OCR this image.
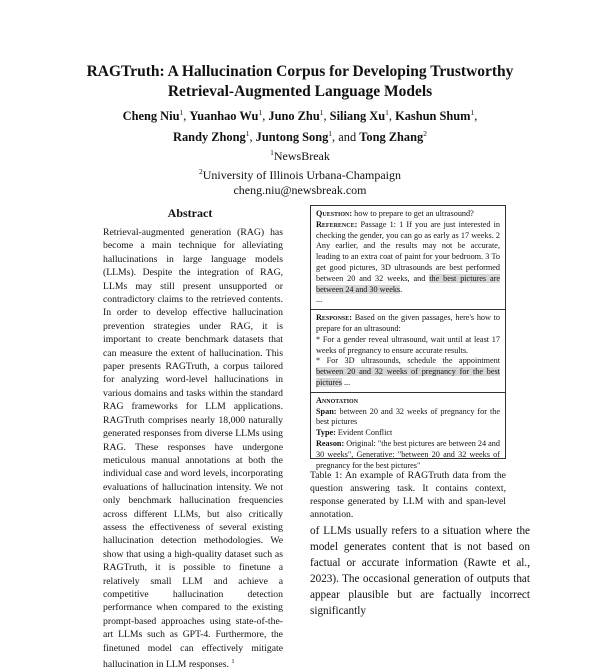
RAGTruth: A Hallucination Corpus for Developing Trustworthy
Retrieval-Augmented Language Models
Cheng Niu$^1$, Yuanhao Wu$^1$, Juno Zhu$^1$, Siliang Xu$^1$, Kashun Shum$^1$,
Randy Zhong$^1$, Juntong Song$^1$, and Tong Zhang$^2$
$^1$NewsBreak
$^2$University of Illinois Urbana-Champaign
cheng.niu@newsbreak.com
Abstract
Retrieval-augmented generation (RAG) has become a main technique for alleviating hallucinations in large language models (LLMs). Despite the integration of RAG, LLMs may still present unsupported or contradictory claims to the retrieved contents. In order to develop effective hallucination prevention strategies under RAG, it is important to create benchmark datasets that can measure the extent of hallucination. This paper presents RAGTruth, a corpus tailored for analyzing word-level hallucinations in various domains and tasks within the standard RAG frameworks for LLM applications. RAGTruth comprises nearly 18,000 naturally generated responses from diverse LLMs using RAG. These responses have undergone meticulous manual annotations at both the individual case and word levels, incorporating evaluations of hallucination intensity. We not only benchmark hallucination frequencies across different LLMs, but also critically assess the effectiveness of several existing hallucination detection methodologies. We show that using a high-quality dataset such as RAGTruth, it is possible to finetune a relatively small LLM and achieve a competitive hallucination detection performance when compared to the existing prompt-based approaches using state-of-the-art LLMs such as GPT-4. Furthermore, the finetuned model can effectively mitigate hallucination in LLM responses. $^1$

Question: how to prepare to get an ultrasound?

Reference: Passage 1: 1 If you are just interested in checking the gender, you can go as early as 17 weeks. 2 Any earlier, and the results may not be accurate, leading to an extra coat of paint for your bedroom. 3 To get good pictures, 3D ultrasounds are best performed between 20 and 32 weeks, and the best pictures are between 24 and 30 weeks.

...

Response: Based on the given passages, here's how to prepare for an ultrasound:

* For a gender reveal ultrasound, wait until at least 17 weeks of pregnancy to ensure accurate results.

* For 3D ultrasounds, schedule the appointment between 20 and 32 weeks of pregnancy for the best pictures ...

Annotation

Span: between 20 and 32 weeks of pregnancy for the best pictures

Type: Evident Conflict

Reason: Original: "the best pictures are between 24 and 30 weeks", Generative: "between 20 and 32 weeks of pregnancy for the best pictures"

Table 1: An example of RAGTruth data from the question answering task. It contains context, response generated by LLM with and span-level annotation.
of LLMs usually refers to a situation where the model generates content that is not based on factual or accurate information (Rawte et al., 2023). The occasional generation of outputs that appear plausible but are factually incorrect significantly
